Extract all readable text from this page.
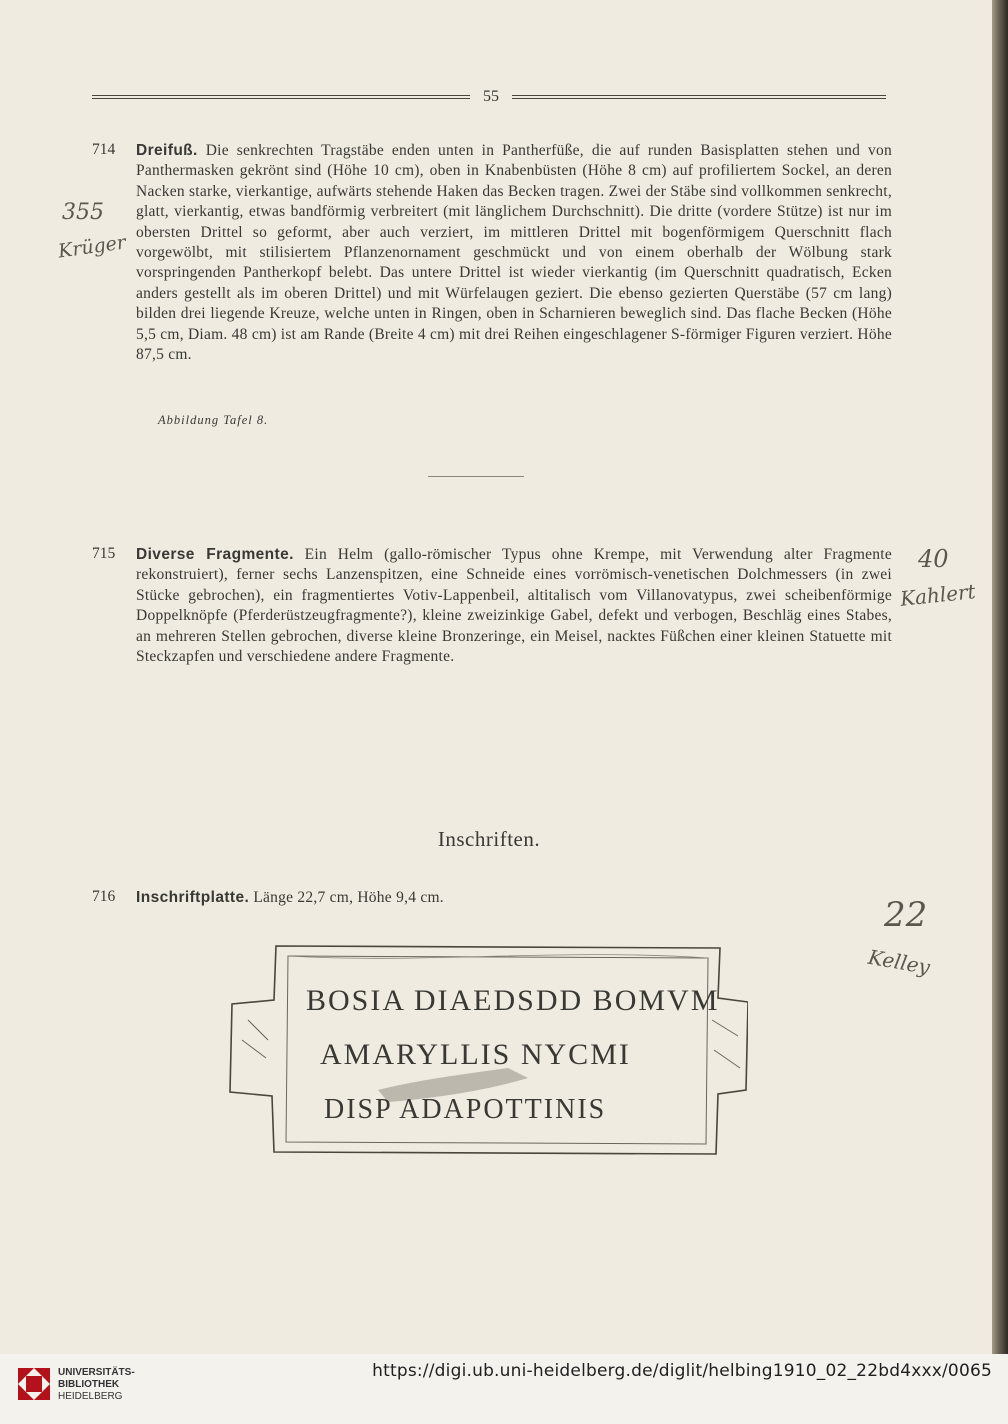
55
714	Dreifuß. Die senkrechten Tragstäbe enden unten in Pantherfüße, die auf runden Basisplatten stehen und von Panthermasken gekrönt sind (Höhe 10 cm), oben in Knabenbüsten (Höhe 8 cm) auf profiliertem Sockel, an deren Nacken starke, vierkantige, aufwärts stehende Haken das Becken tragen. Zwei der Stäbe sind vollkommen senkrecht, glatt, vierkantig, etwas bandförmig verbreitert (mit länglichem Durchschnitt). Die dritte (vordere Stütze) ist nur im obersten Drittel so geformt, aber auch verziert, im mittleren Drittel mit bogenförmigem Querschnitt flach vorgewölbt, mit stilisiertem Pflanzenornament geschmückt und von einem oberhalb der Wölbung stark vorspringenden Pantherkopf belebt. Das untere Drittel ist wieder vierkantig (im Querschnitt quadratisch, Ecken anders gestellt als im oberen Drittel) und mit Würfelaugen geziert. Die ebenso gezierten Querstäbe (57 cm lang) bilden drei liegende Kreuze, welche unten in Ringen, oben in Scharnieren beweglich sind. Das flache Becken (Höhe 5,5 cm, Diam. 48 cm) ist am Rande (Breite 4 cm) mit drei Reihen eingeschlagener S-förmiger Figuren verziert. Höhe 87,5 cm.
Abbildung Tafel 8.
715	Diverse Fragmente. Ein Helm (gallo-römischer Typus ohne Krempe, mit Verwendung alter Fragmente rekonstruiert), ferner sechs Lanzenspitzen, eine Schneide eines vorrömisch-venetischen Dolchmessers (in zwei Stücke gebrochen), ein fragmentiertes Votiv-Lappenbeil, altitalisch vom Villanovatypus, zwei scheibenförmige Doppelknöpfe (Pferderüstzeugfragmente?), kleine zweizinkige Gabel, defekt und verbogen, Beschläg eines Stabes, an mehreren Stellen gebrochen, diverse kleine Bronzeringe, ein Meisel, nacktes Füßchen einer kleinen Statuette mit Steckzapfen und verschiedene andere Fragmente.
Inschriften.
716	Inschriftplatte. Länge 22,7 cm, Höhe 9,4 cm.
355
Krüger
40
Kahlert
22
Kelley
BOSIA DIAEDSDD BOMVM
AMARYLLIS NYCMI
DISP ADAPOTTINIS
UNIVERSITÄTS-
BIBLIOTHEK
HEIDELBERG
https://digi.ub.uni-heidelberg.de/diglit/helbing1910_02_22bd4xxx/0065
